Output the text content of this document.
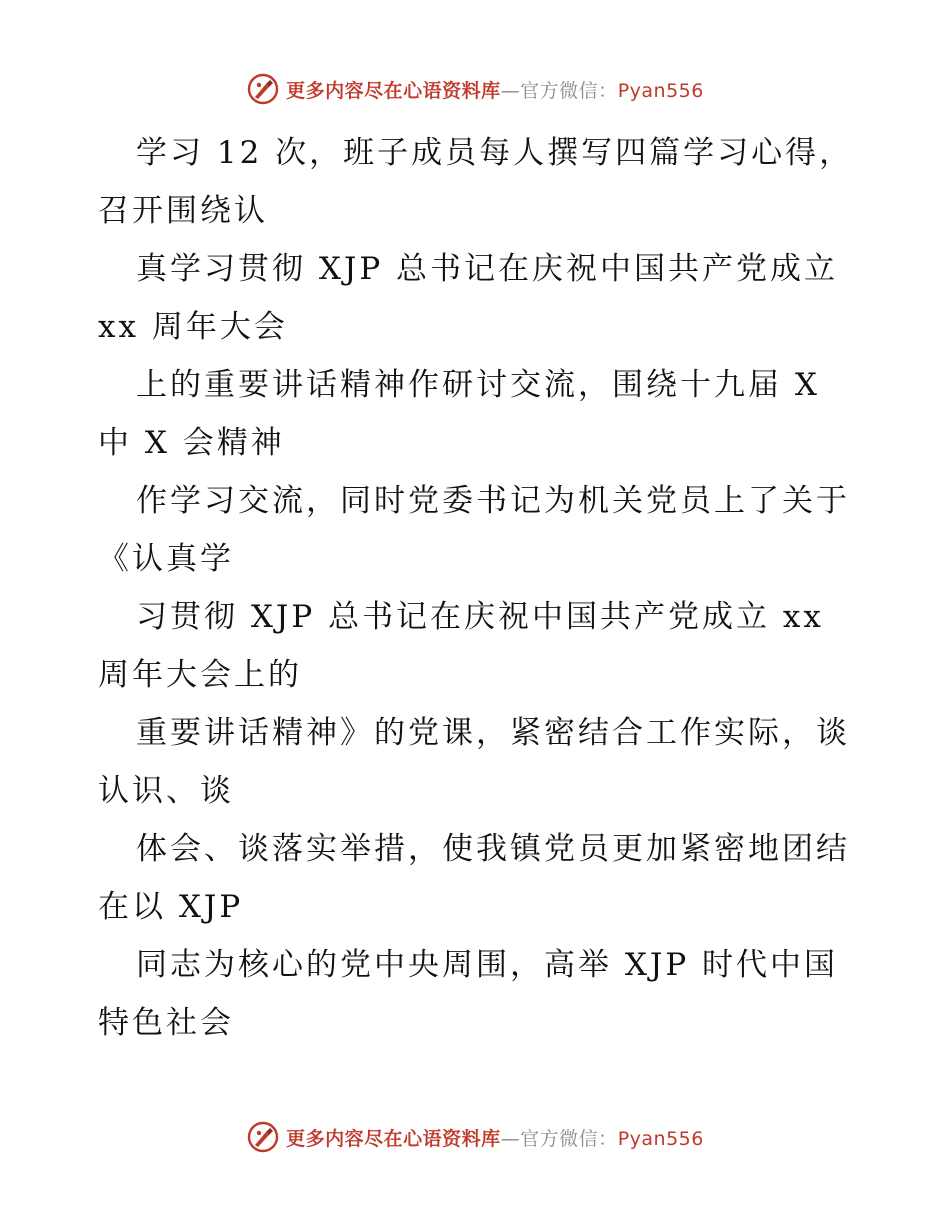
更多内容尽在心语资料库—官方微信：Pyan556
学习 12 次，班子成员每人撰写四篇学习心得，
召开围绕认
真学习贯彻 XJP 总书记在庆祝中国共产党成立
xx 周年大会
上的重要讲话精神作研讨交流，围绕十九届 X
中 X 会精神
作学习交流，同时党委书记为机关党员上了关于
《认真学
习贯彻 XJP 总书记在庆祝中国共产党成立 xx
周年大会上的
重要讲话精神》的党课，紧密结合工作实际，谈
认识、谈
体会、谈落实举措，使我镇党员更加紧密地团结
在以 XJP
同志为核心的党中央周围，高举 XJP 时代中国
特色社会
更多内容尽在心语资料库—官方微信：Pyan556
